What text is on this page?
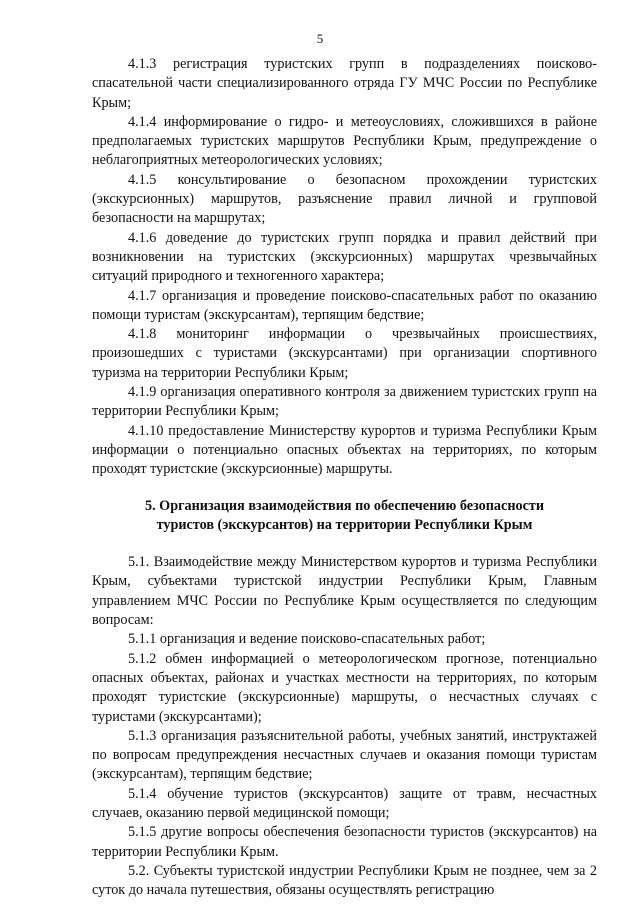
5

4.1.3 регистрация туристских групп в подразделениях поисково-спасательной части специализированного отряда ГУ МЧС России по Республике Крым;

4.1.4 информирование о гидро- и метеоусловиях, сложившихся в районе предполагаемых туристских маршрутов Республики Крым, предупреждение о неблагоприятных метеорологических условиях;

4.1.5 консультирование о безопасном прохождении туристских (экскурсионных) маршрутов, разъяснение правил личной и групповой безопасности на маршрутах;

4.1.6 доведение до туристских групп порядка и правил действий при возникновении на туристских (экскурсионных) маршрутах чрезвычайных ситуаций природного и техногенного характера;

4.1.7 организация и проведение поисково-спасательных работ по оказанию помощи туристам (экскурсантам), терпящим бедствие;

4.1.8 мониторинг информации о чрезвычайных происшествиях, произошедших с туристами (экскурсантами) при организации спортивного туризма на территории Республики Крым;

4.1.9 организация оперативного контроля за движением туристских групп на территории Республики Крым;

4.1.10 предоставление Министерству курортов и туризма Республики Крым информации о потенциально опасных объектах на территориях, по которым проходят туристские (экскурсионные) маршруты.

5. Организация взаимодействия по обеспечению безопасности
туристов (экскурсантов) на территории Республики Крым

5.1. Взаимодействие между Министерством курортов и туризма Республики Крым, субъектами туристской индустрии Республики Крым, Главным управлением МЧС России по Республике Крым осуществляется по следующим вопросам:

5.1.1 организация и ведение поисково-спасательных работ;

5.1.2 обмен информацией о метеорологическом прогнозе, потенциально опасных объектах, районах и участках местности на территориях, по которым проходят туристские (экскурсионные) маршруты, о несчастных случаях с туристами (экскурсантами);

5.1.3 организация разъяснительной работы, учебных занятий, инструктажей по вопросам предупреждения несчастных случаев и оказания помощи туристам (экскурсантам), терпящим бедствие;

5.1.4 обучение туристов (экскурсантов) защите от травм, несчастных случаев, оказанию первой медицинской помощи;

5.1.5 другие вопросы обеспечения безопасности туристов (экскурсантов) на территории Республики Крым.

5.2. Субъекты туристской индустрии Республики Крым не позднее, чем за 2 суток до начала путешествия, обязаны осуществлять регистрацию
